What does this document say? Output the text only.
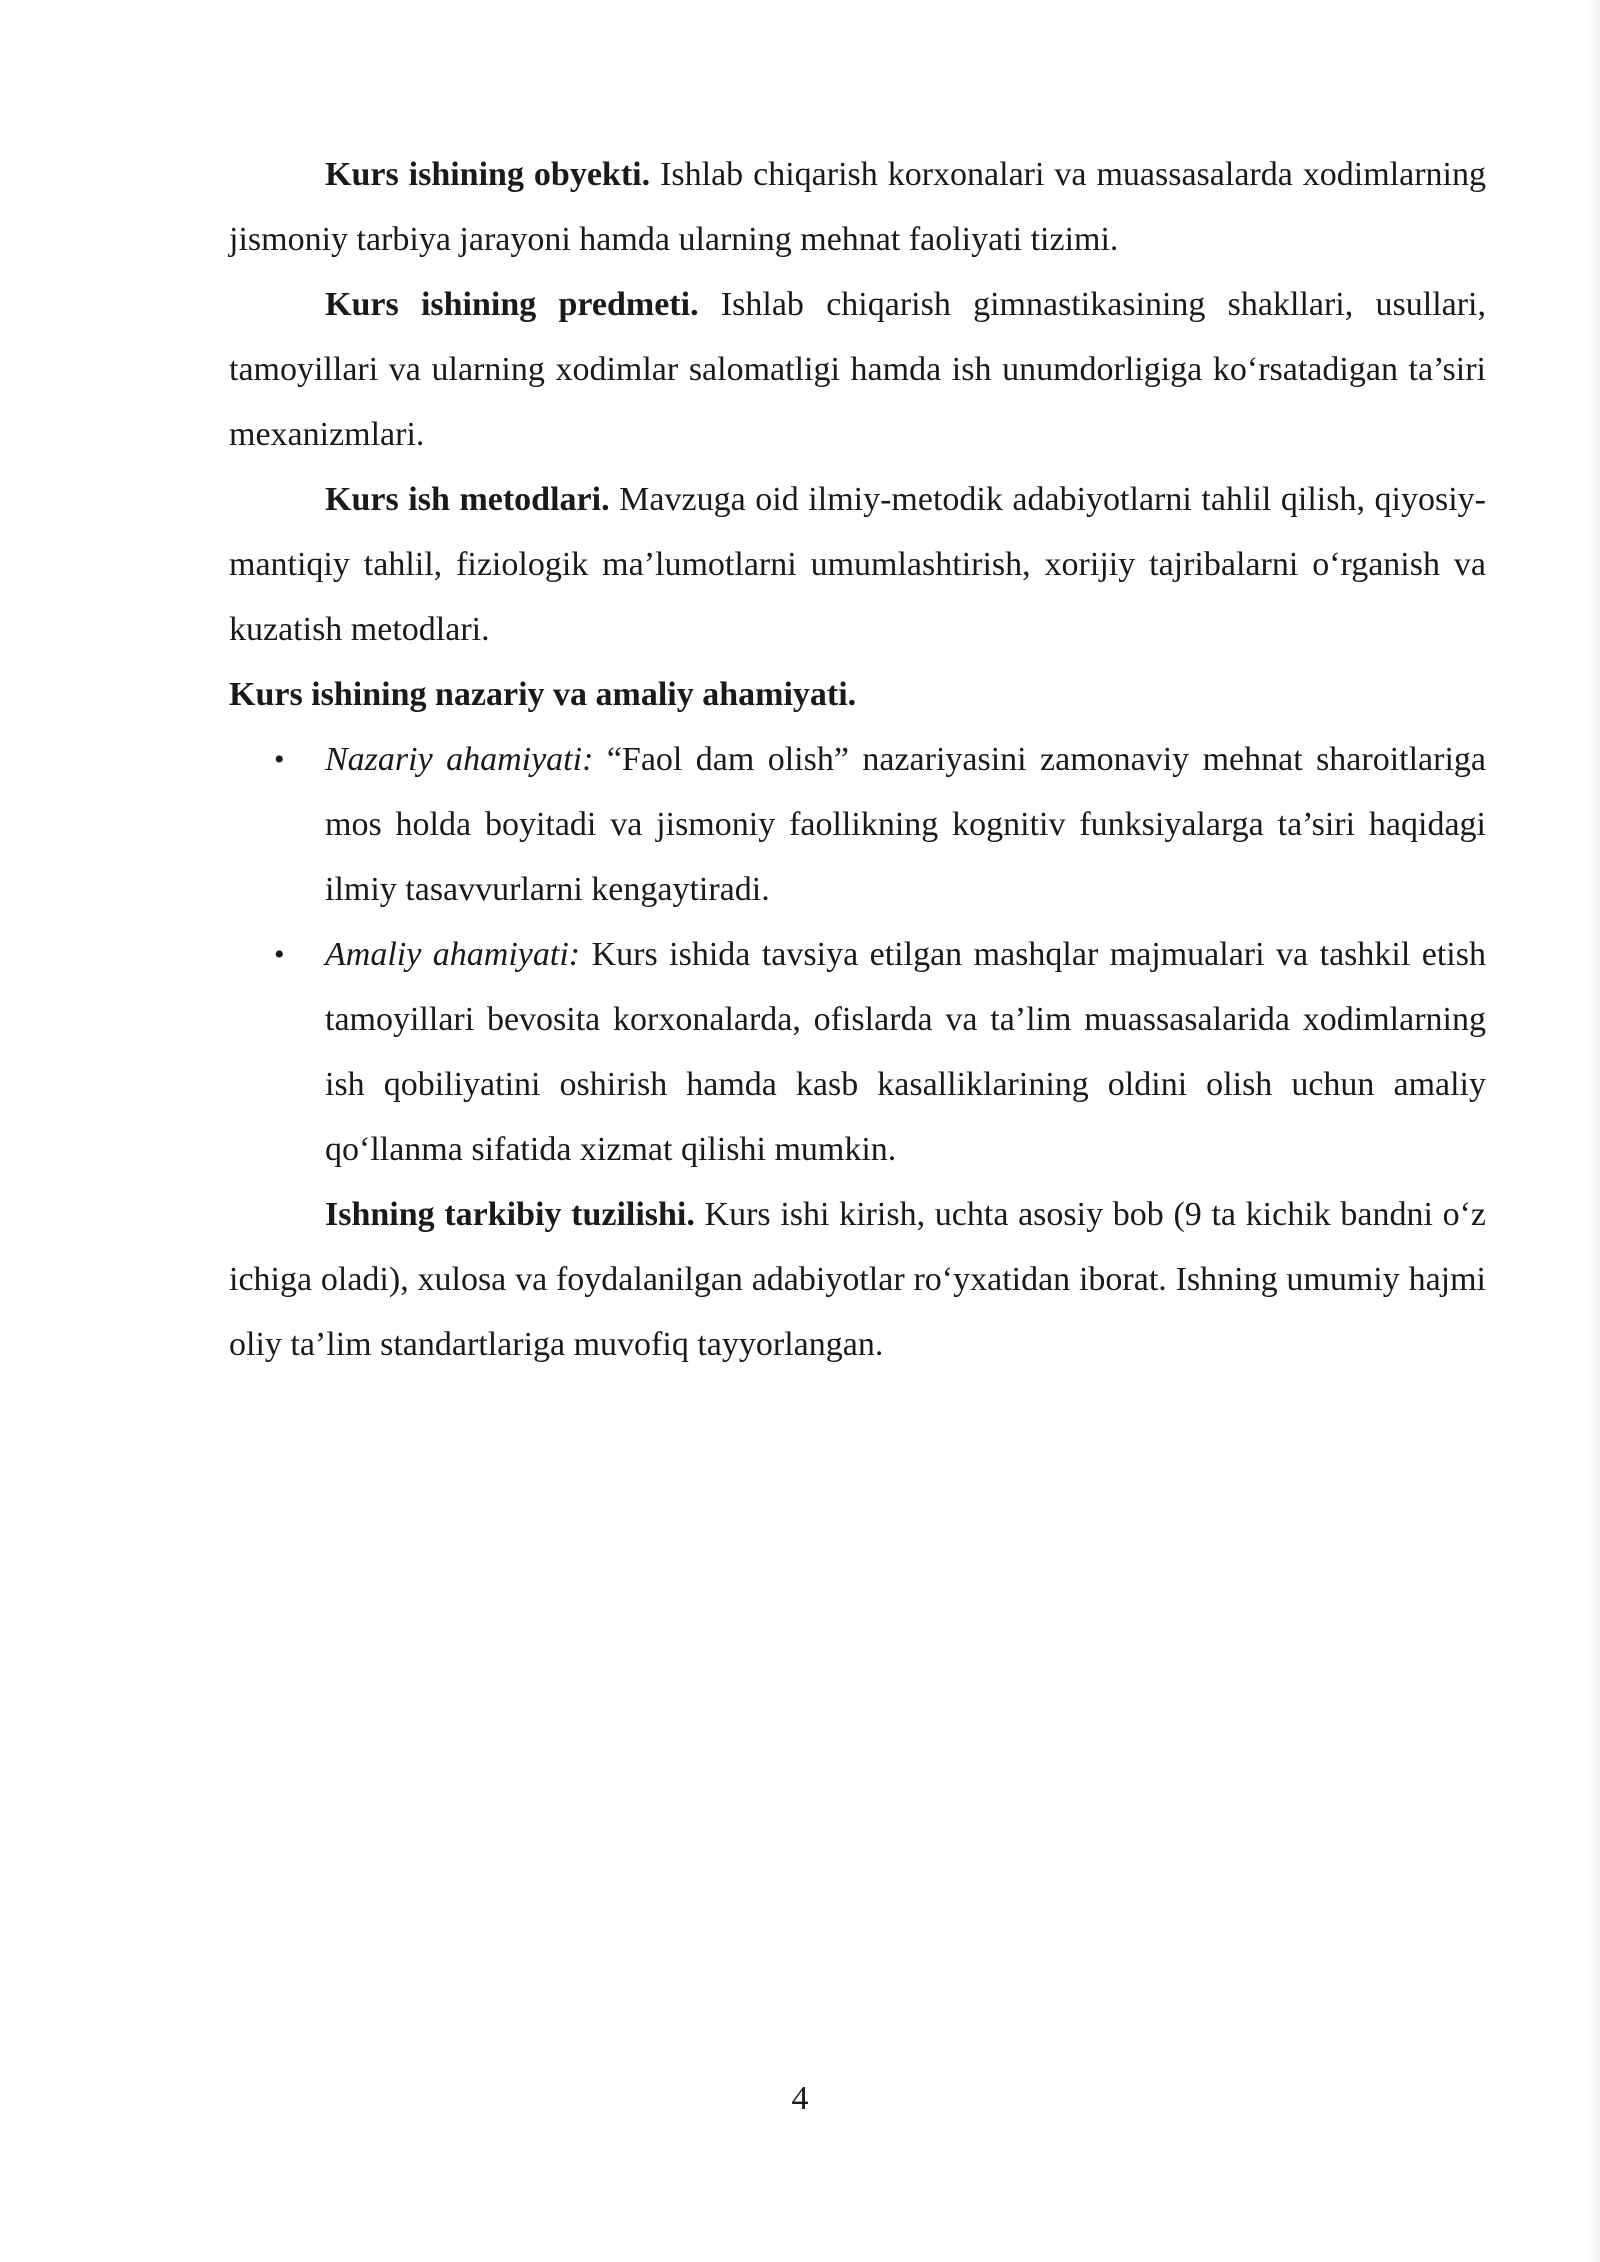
Kurs ishining obyekti. Ishlab chiqarish korxonalari va muassasalarda xodimlarning jismoniy tarbiya jarayoni hamda ularning mehnat faoliyati tizimi.

Kurs ishining predmeti. Ishlab chiqarish gimnastikasining shakllari, usullari, tamoyillari va ularning xodimlar salomatligi hamda ish unumdorligiga ko‘rsatadigan ta’siri mexanizmlari.

Kurs ish metodlari. Mavzuga oid ilmiy-metodik adabiyotlarni tahlil qilish, qiyosiy-mantiqiy tahlil, fiziologik ma’lumotlarni umumlashtirish, xorijiy tajribalarni o‘rganish va kuzatish metodlari.

Kurs ishining nazariy va amaliy ahamiyati.

• Nazariy ahamiyati: “Faol dam olish” nazariyasini zamonaviy mehnat sharoitlariga mos holda boyitadi va jismoniy faollikning kognitiv funksiyalarga ta’siri haqidagi ilmiy tasavvurlarni kengaytiradi.
• Amaliy ahamiyati: Kurs ishida tavsiya etilgan mashqlar majmualari va tashkil etish tamoyillari bevosita korxonalarda, ofislarda va ta’lim muassasalarida xodimlarning ish qobiliyatini oshirish hamda kasb kasalliklarining oldini olish uchun amaliy qo‘llanma sifatida xizmat qilishi mumkin.

Ishning tarkibiy tuzilishi. Kurs ishi kirish, uchta asosiy bob (9 ta kichik bandni o‘z ichiga oladi), xulosa va foydalanilgan adabiyotlar ro‘yxatidan iborat. Ishning umumiy hajmi oliy ta’lim standartlariga muvofiq tayyorlangan.

4
